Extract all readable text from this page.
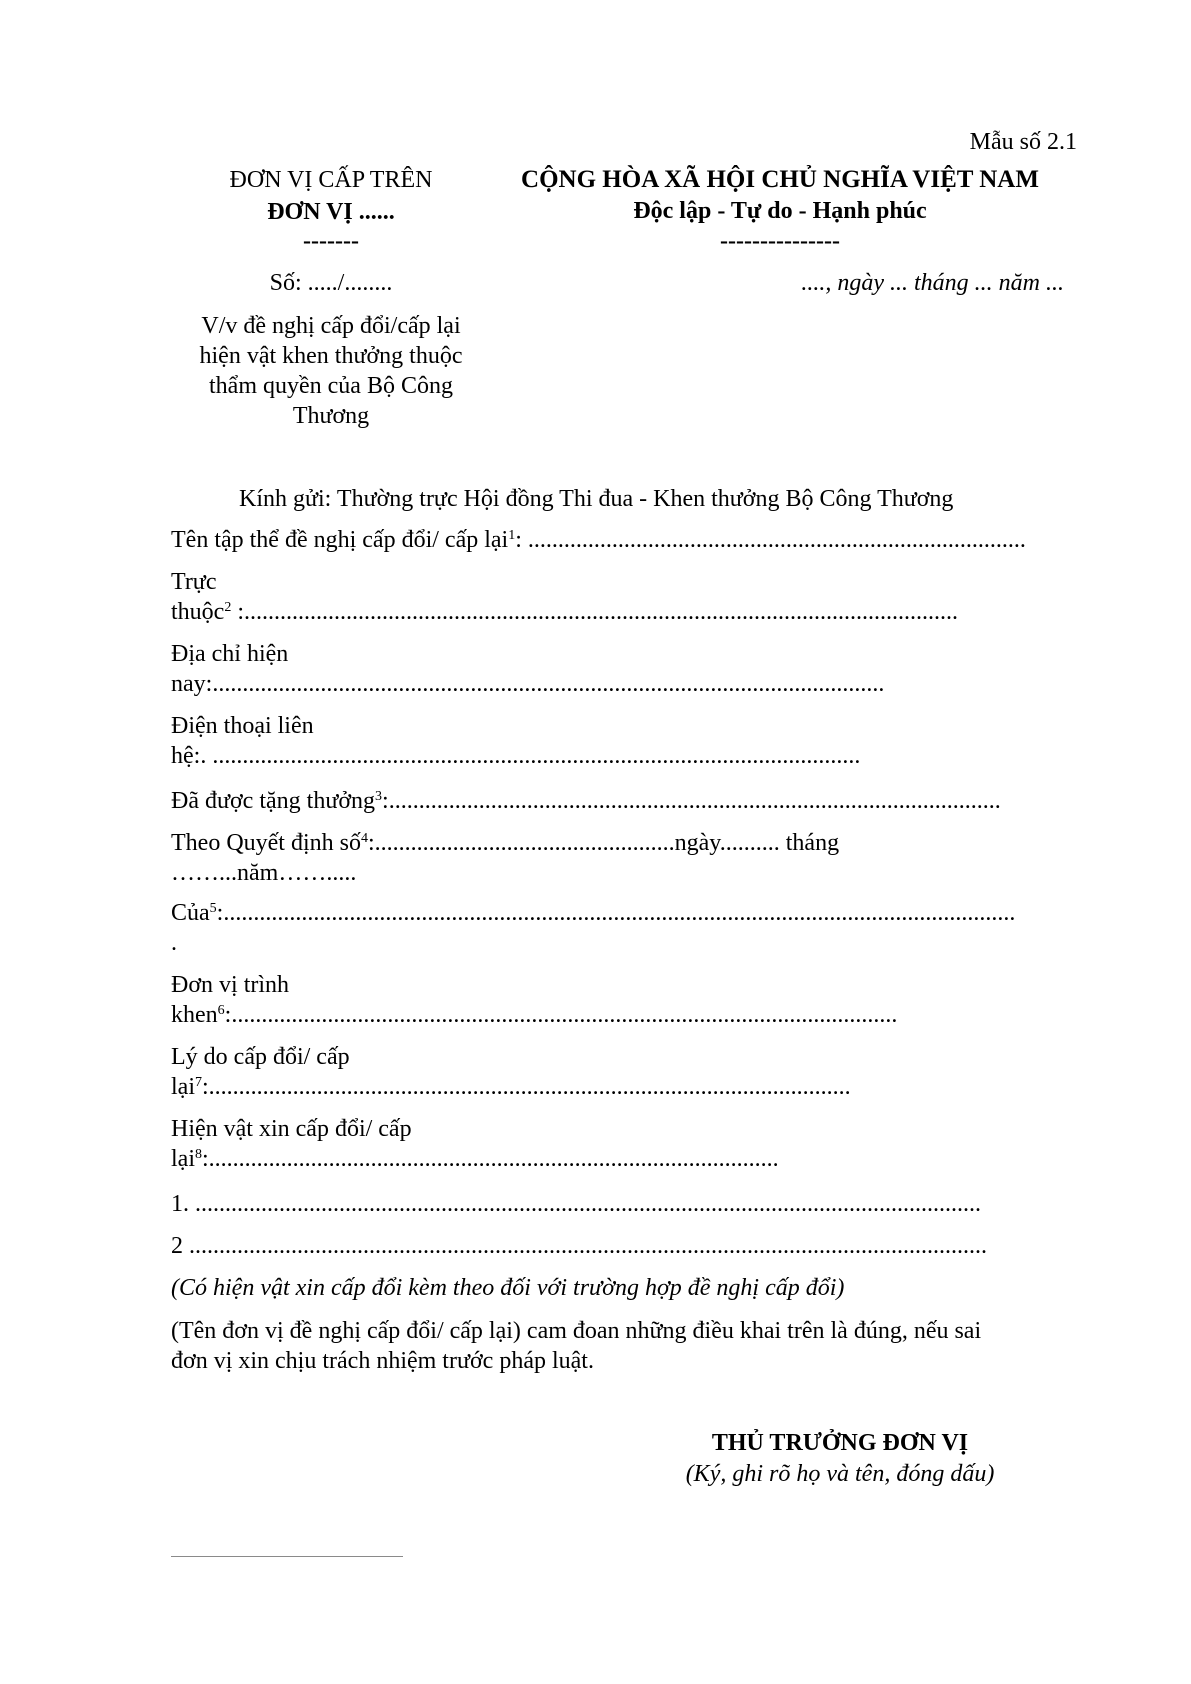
Mẫu số 2.1
ĐƠN VỊ CẤP TRÊN
ĐƠN VỊ ......
-------
Số: ...../........
V/v đề nghị cấp đổi/cấp lại
hiện vật khen thưởng thuộc
thẩm quyền của Bộ Công
Thương
CỘNG HÒA XÃ HỘI CHỦ NGHĨA VIỆT NAM
Độc lập - Tự do - Hạnh phúc
---------------
...., ngày ... tháng ... năm ...
Kính gửi: Thường trực Hội đồng Thi đua - Khen thưởng Bộ Công Thương
Tên tập thể đề nghị cấp đổi/ cấp lại$^1$: ...................................................................................
Trực
thuộc$^2$ :.......................................................................................................................
Địa chỉ hiện
nay:................................................................................................................
Điện thoại liên
hệ:. ............................................................................................................
Đã được tặng thưởng$^3$:......................................................................................................
Theo Quyết định số$^4$:..................................................ngày.......... tháng
……...năm…….....
Của$^5$:....................................................................................................................................
.
Đơn vị trình
khen$^6$:...............................................................................................................
Lý do cấp đổi/ cấp
lại$^7$:...........................................................................................................
Hiện vật xin cấp đổi/ cấp
lại$^8$:...............................................................................................
1. ...................................................................................................................................
2 .....................................................................................................................................
(Có hiện vật xin cấp đổi kèm theo đối với trường hợp đề nghị cấp đổi)
(Tên đơn vị đề nghị cấp đổi/ cấp lại) cam đoan những điều khai trên là đúng, nếu sai
đơn vị xin chịu trách nhiệm trước pháp luật.
THỦ TRƯỞNG ĐƠN VỊ
(Ký, ghi rõ họ và tên, đóng dấu)
